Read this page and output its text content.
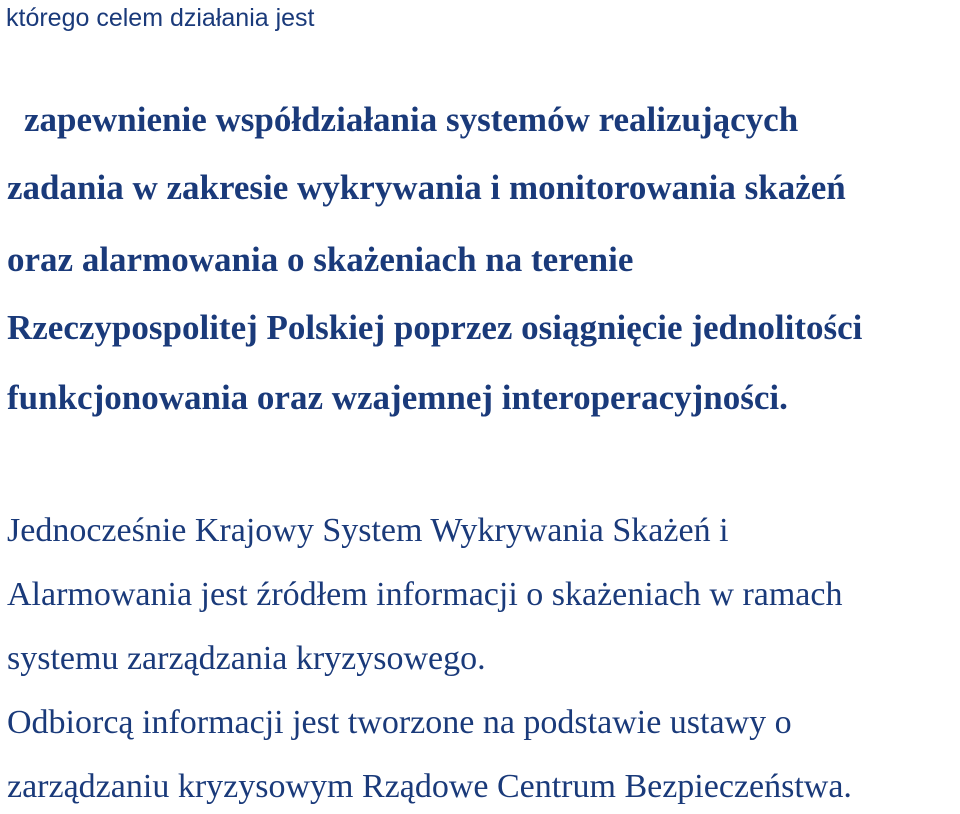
którego celem działania jest

zapewnienie współdziałania systemów realizujących

zadania w zakresie wykrywania i monitorowania skażeń

oraz alarmowania o skażeniach na terenie

Rzeczypospolitej Polskiej poprzez osiągnięcie jednolitości

funkcjonowania oraz wzajemnej interoperacyjności.

Jednocześnie Krajowy System Wykrywania Skażeń i

Alarmowania jest źródłem informacji o skażeniach w ramach

systemu zarządzania kryzysowego.

Odbiorcą informacji jest tworzone na podstawie ustawy o

zarządzaniu kryzysowym Rządowe Centrum Bezpieczeństwa.
